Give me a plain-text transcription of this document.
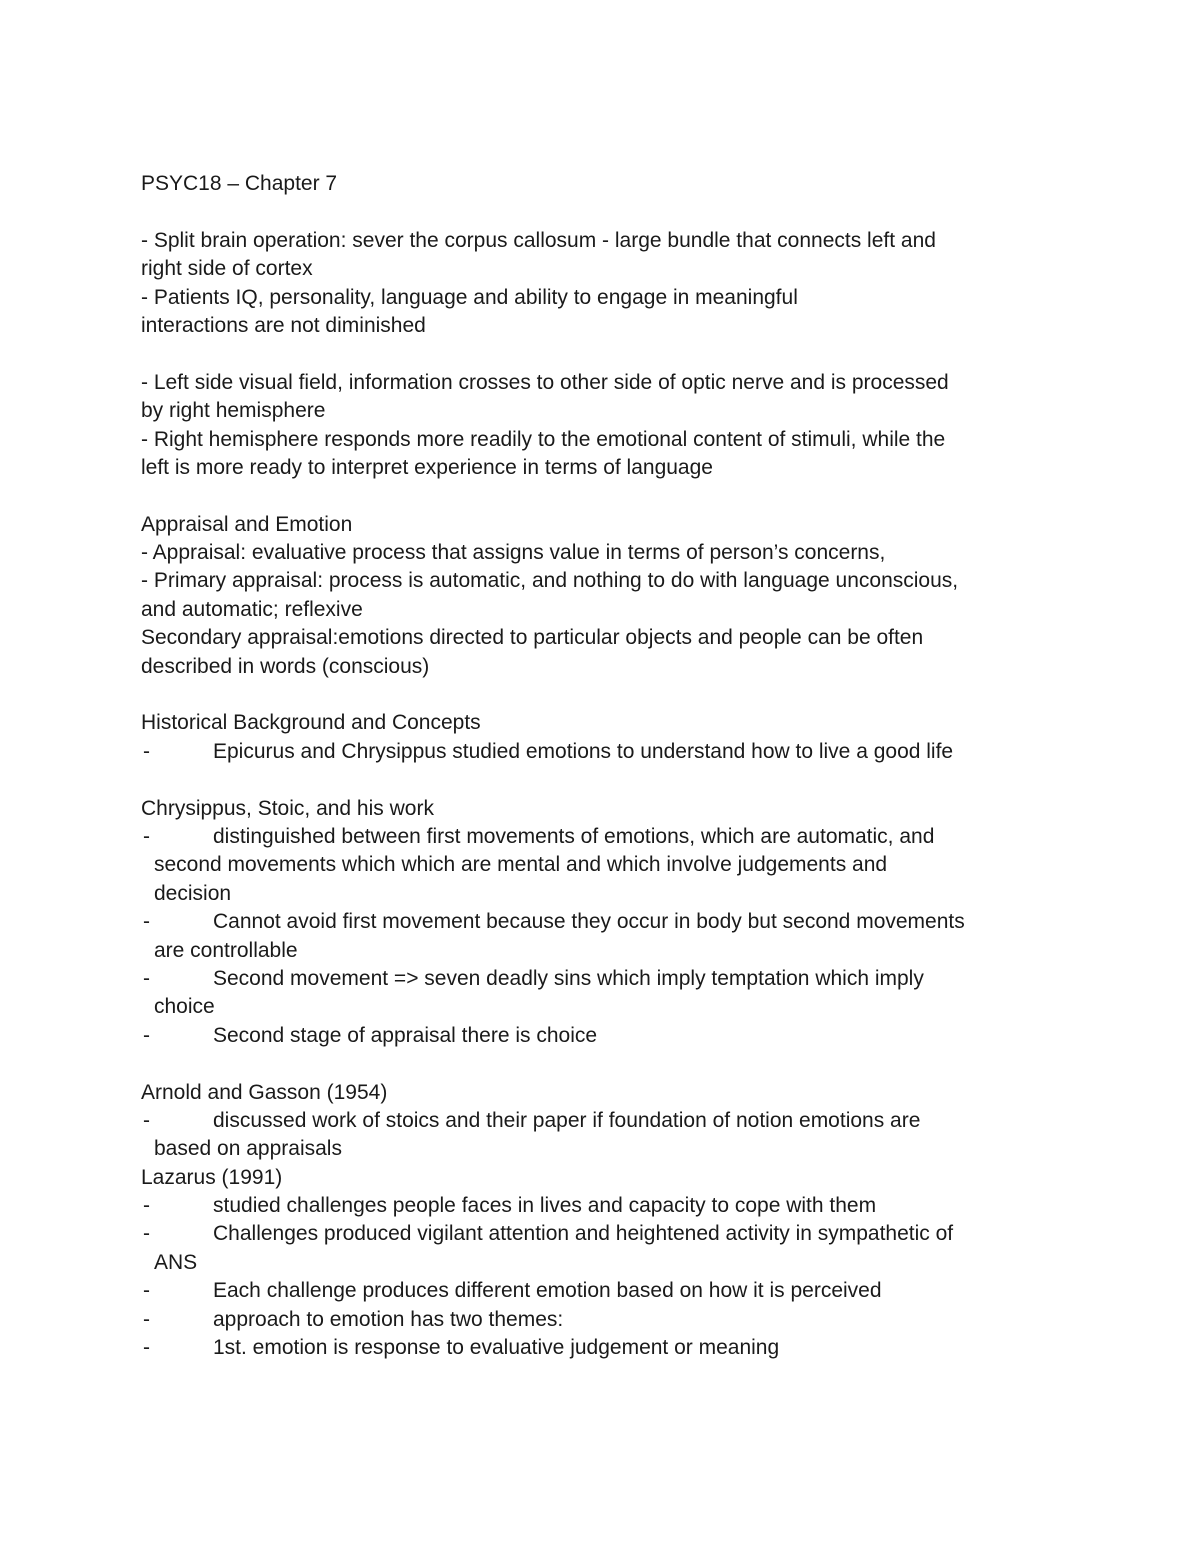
PSYC18 – Chapter 7
- Split brain operation: sever the corpus callosum - large bundle that connects left and
right side of cortex
- Patients IQ, personality, language and ability to engage in meaningful
interactions are not diminished
- Left side visual field, information crosses to other side of optic nerve and is processed
by right hemisphere
- Right hemisphere responds more readily to the emotional content of stimuli, while the
left is more ready to interpret experience in terms of language
Appraisal and Emotion
- Appraisal: evaluative process that assigns value in terms of person’s concerns,
- Primary appraisal: process is automatic, and nothing to do with language unconscious,
and automatic; reflexive
Secondary appraisal:emotions directed to particular objects and people can be often
described in words (conscious)
Historical Background and Concepts
-	Epicurus and Chrysippus studied emotions to understand how to live a good life
Chrysippus, Stoic, and his work
-	distinguished between first movements of emotions, which are automatic, and
second movements which which are mental and which involve judgements and
decision
-	Cannot avoid first movement because they occur in body but second movements
are controllable
-	Second movement => seven deadly sins which imply temptation which imply
choice
-	Second stage of appraisal there is choice
Arnold and Gasson (1954)
-	discussed work of stoics and their paper if foundation of notion emotions are
based on appraisals
Lazarus (1991)
-	studied challenges people faces in lives and capacity to cope with them
-	Challenges produced vigilant attention and heightened activity in sympathetic of
ANS
-	Each challenge produces different emotion based on how it is perceived
-	approach to emotion has two themes:
-	1st. emotion is response to evaluative judgement or meaning
